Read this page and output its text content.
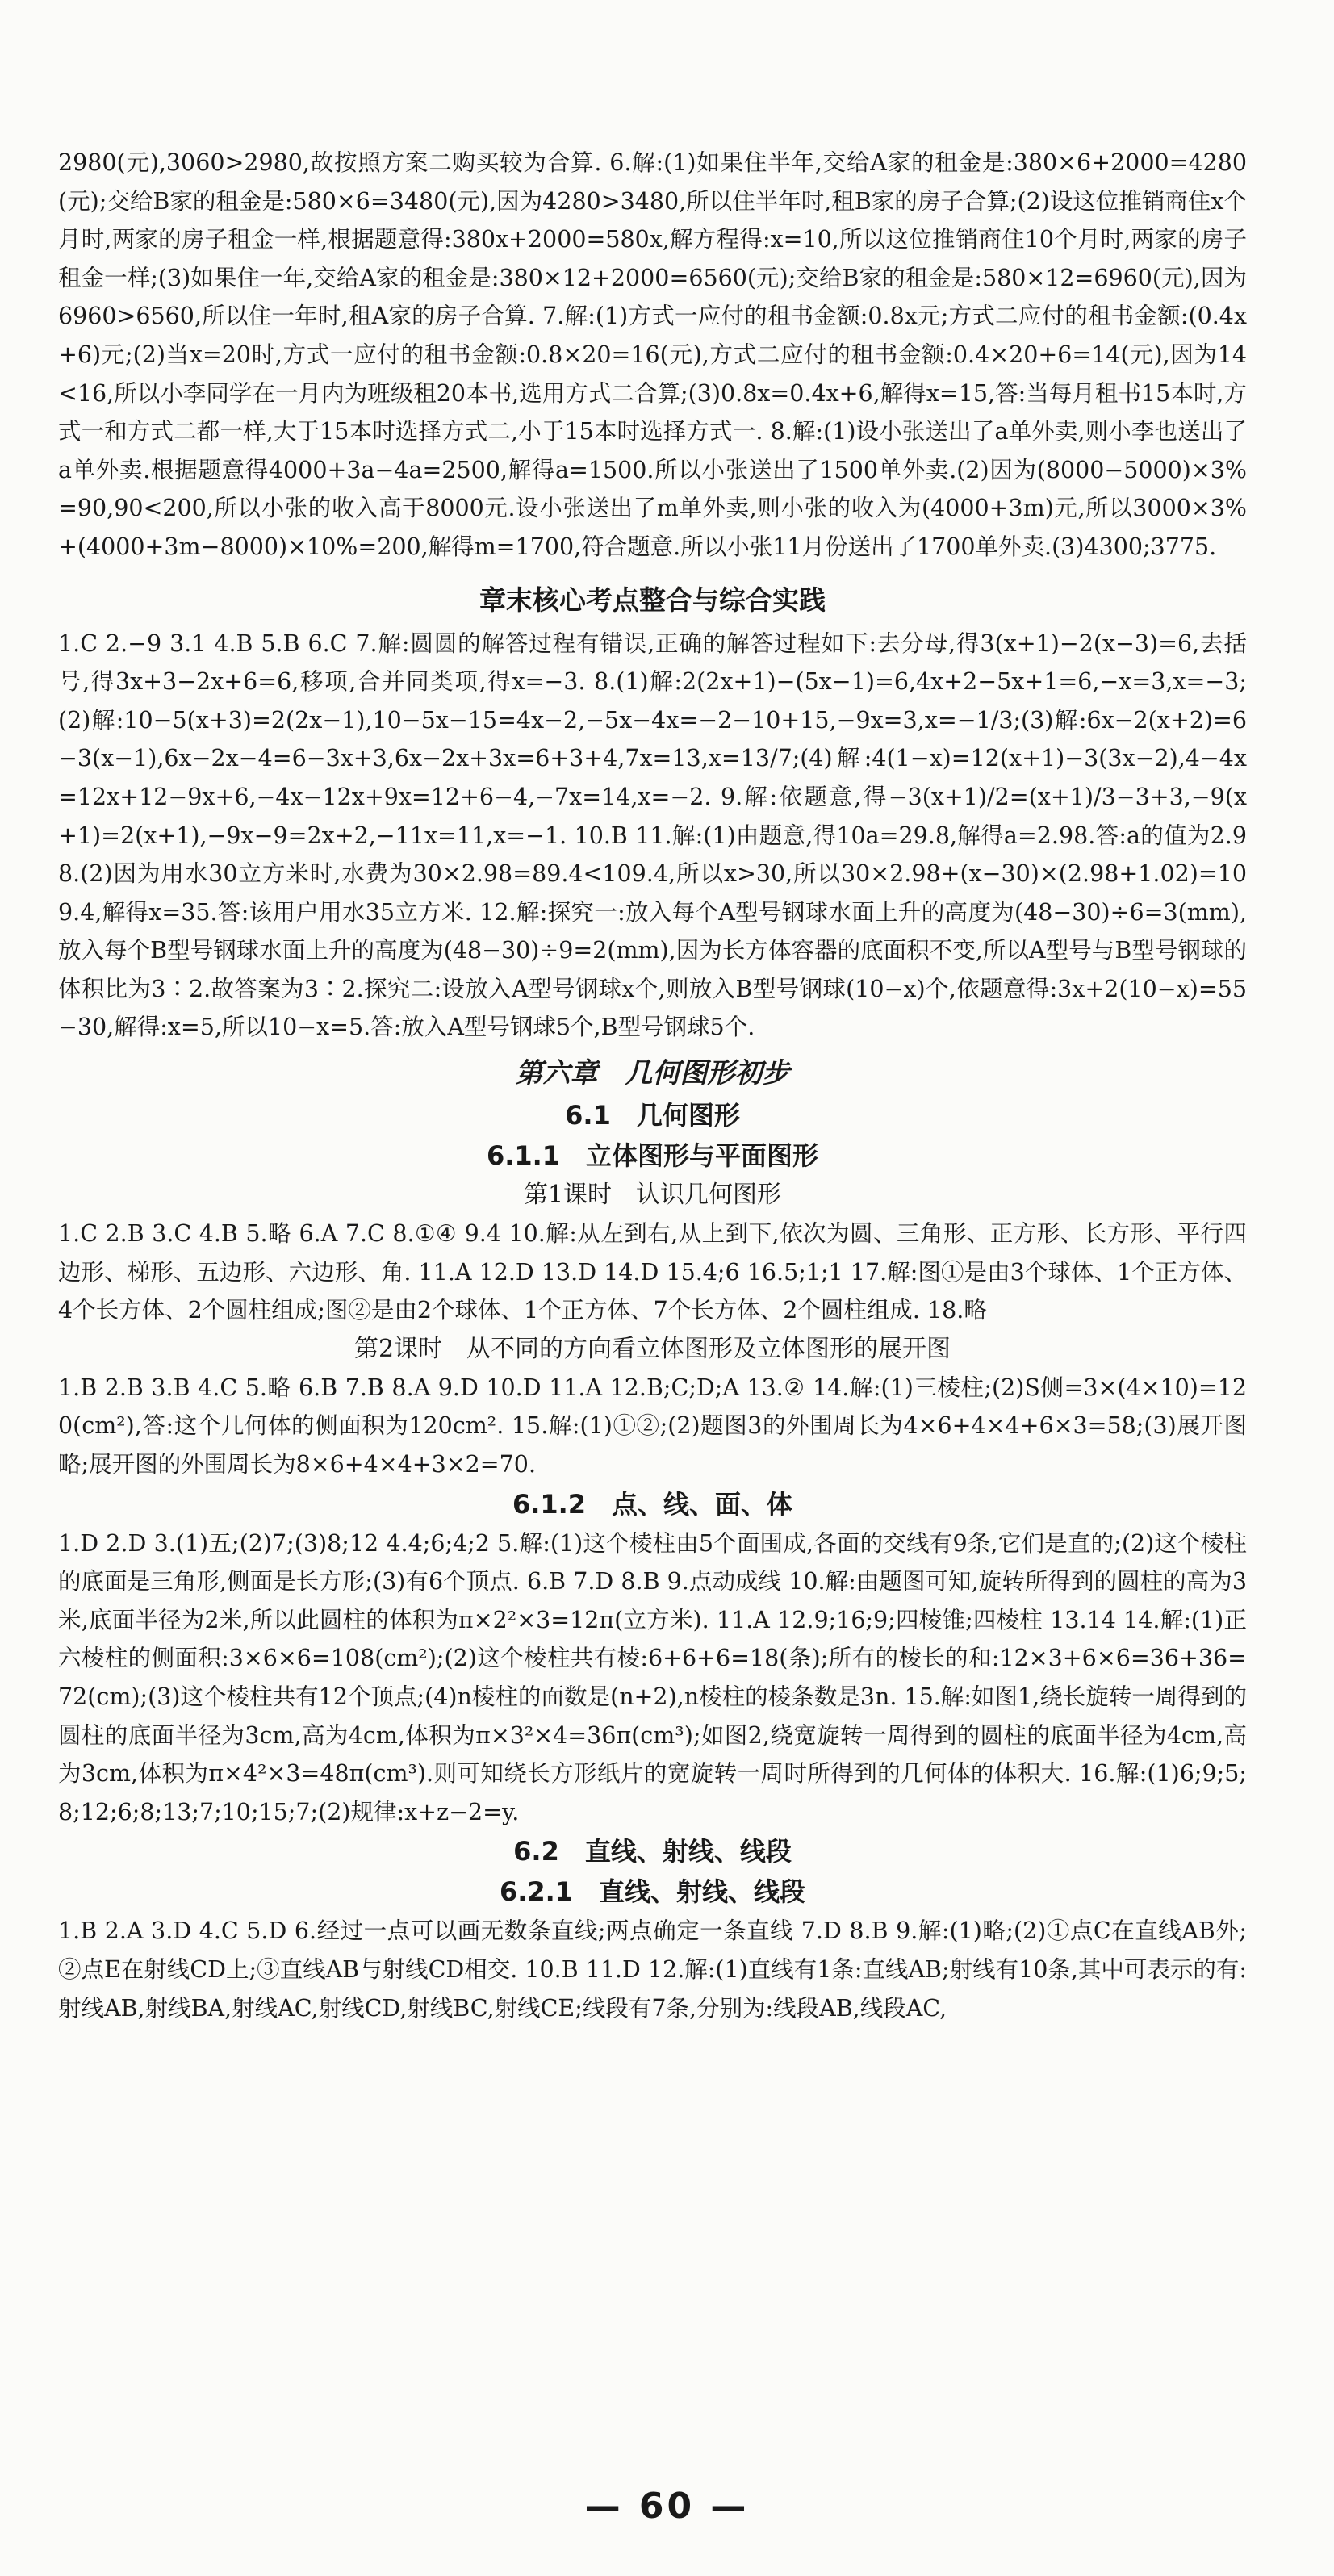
2980(元),3060>2980,故按照方案二购买较为合算. 6.解:(1)如果住半年,交给A家的租金是:380×6+2000=4280(元);交给B家的租金是:580×6=3480(元),因为4280>3480,所以住半年时,租B家的房子合算;(2)设这位推销商住x个月时,两家的房子租金一样,根据题意得:380x+2000=580x,解方程得:x=10,所以这位推销商住10个月时,两家的房子租金一样;(3)如果住一年,交给A家的租金是:380×12+2000=6560(元);交给B家的租金是:580×12=6960(元),因为6960>6560,所以住一年时,租A家的房子合算. 7.解:(1)方式一应付的租书金额:0.8x元;方式二应付的租书金额:(0.4x+6)元;(2)当x=20时,方式一应付的租书金额:0.8×20=16(元),方式二应付的租书金额:0.4×20+6=14(元),因为14<16,所以小李同学在一月内为班级租20本书,选用方式二合算;(3)0.8x=0.4x+6,解得x=15,答:当每月租书15本时,方式一和方式二都一样,大于15本时选择方式二,小于15本时选择方式一. 8.解:(1)设小张送出了a单外卖,则小李也送出了a单外卖.根据题意得4000+3a−4a=2500,解得a=1500.所以小张送出了1500单外卖.(2)因为(8000−5000)×3%=90,90<200,所以小张的收入高于8000元.设小张送出了m单外卖,则小张的收入为(4000+3m)元,所以3000×3%+(4000+3m−8000)×10%=200,解得m=1700,符合题意.所以小张11月份送出了1700单外卖.(3)4300;3775.
章末核心考点整合与综合实践
1.C 2.−9 3.1 4.B 5.B 6.C 7.解:圆圆的解答过程有错误,正确的解答过程如下:去分母,得3(x+1)−2(x−3)=6,去括号,得3x+3−2x+6=6,移项,合并同类项,得x=−3. 8.(1)解:2(2x+1)−(5x−1)=6,4x+2−5x+1=6,−x=3,x=−3;(2)解:10−5(x+3)=2(2x−1),10−5x−15=4x−2,−5x−4x=−2−10+15,−9x=3,x=−1/3;(3)解:6x−2(x+2)=6−3(x−1),6x−2x−4=6−3x+3,6x−2x+3x=6+3+4,7x=13,x=13/7;(4)解:4(1−x)=12(x+1)−3(3x−2),4−4x=12x+12−9x+6,−4x−12x+9x=12+6−4,−7x=14,x=−2. 9.解:依题意,得−3(x+1)/2=(x+1)/3−3+3,−9(x+1)=2(x+1),−9x−9=2x+2,−11x=11,x=−1. 10.B 11.解:(1)由题意,得10a=29.8,解得a=2.98.答:a的值为2.98.(2)因为用水30立方米时,水费为30×2.98=89.4<109.4,所以x>30,所以30×2.98+(x−30)×(2.98+1.02)=109.4,解得x=35.答:该用户用水35立方米. 12.解:探究一:放入每个A型号钢球水面上升的高度为(48−30)÷6=3(mm),放入每个B型号钢球水面上升的高度为(48−30)÷9=2(mm),因为长方体容器的底面积不变,所以A型号与B型号钢球的体积比为3∶2.故答案为3∶2.探究二:设放入A型号钢球x个,则放入B型号钢球(10−x)个,依题意得:3x+2(10−x)=55−30,解得:x=5,所以10−x=5.答:放入A型号钢球5个,B型号钢球5个.
第六章　几何图形初步
6.1　几何图形
6.1.1　立体图形与平面图形
第1课时　认识几何图形
1.C 2.B 3.C 4.B 5.略 6.A 7.C 8.①④ 9.4 10.解:从左到右,从上到下,依次为圆、三角形、正方形、长方形、平行四边形、梯形、五边形、六边形、角. 11.A 12.D 13.D 14.D 15.4;6 16.5;1;1 17.解:图①是由3个球体、1个正方体、4个长方体、2个圆柱组成;图②是由2个球体、1个正方体、7个长方体、2个圆柱组成. 18.略
第2课时　从不同的方向看立体图形及立体图形的展开图
1.B 2.B 3.B 4.C 5.略 6.B 7.B 8.A 9.D 10.D 11.A 12.B;C;D;A 13.② 14.解:(1)三棱柱;(2)S侧=3×(4×10)=120(cm²),答:这个几何体的侧面积为120cm². 15.解:(1)①②;(2)题图3的外围周长为4×6+4×4+6×3=58;(3)展开图略;展开图的外围周长为8×6+4×4+3×2=70.
6.1.2　点、线、面、体
1.D 2.D 3.(1)五;(2)7;(3)8;12 4.4;6;4;2 5.解:(1)这个棱柱由5个面围成,各面的交线有9条,它们是直的;(2)这个棱柱的底面是三角形,侧面是长方形;(3)有6个顶点. 6.B 7.D 8.B 9.点动成线 10.解:由题图可知,旋转所得到的圆柱的高为3米,底面半径为2米,所以此圆柱的体积为π×2²×3=12π(立方米). 11.A 12.9;16;9;四棱锥;四棱柱 13.14 14.解:(1)正六棱柱的侧面积:3×6×6=108(cm²);(2)这个棱柱共有棱:6+6+6=18(条);所有的棱长的和:12×3+6×6=36+36=72(cm);(3)这个棱柱共有12个顶点;(4)n棱柱的面数是(n+2),n棱柱的棱条数是3n. 15.解:如图1,绕长旋转一周得到的圆柱的底面半径为3cm,高为4cm,体积为π×3²×4=36π(cm³);如图2,绕宽旋转一周得到的圆柱的底面半径为4cm,高为3cm,体积为π×4²×3=48π(cm³).则可知绕长方形纸片的宽旋转一周时所得到的几何体的体积大. 16.解:(1)6;9;5;8;12;6;8;13;7;10;15;7;(2)规律:x+z−2=y.
6.2　直线、射线、线段
6.2.1　直线、射线、线段
1.B 2.A 3.D 4.C 5.D 6.经过一点可以画无数条直线;两点确定一条直线 7.D 8.B 9.解:(1)略;(2)①点C在直线AB外;②点E在射线CD上;③直线AB与射线CD相交. 10.B 11.D 12.解:(1)直线有1条:直线AB;射线有10条,其中可表示的有:射线AB,射线BA,射线AC,射线CD,射线BC,射线CE;线段有7条,分别为:线段AB,线段AC,
— 60 —
